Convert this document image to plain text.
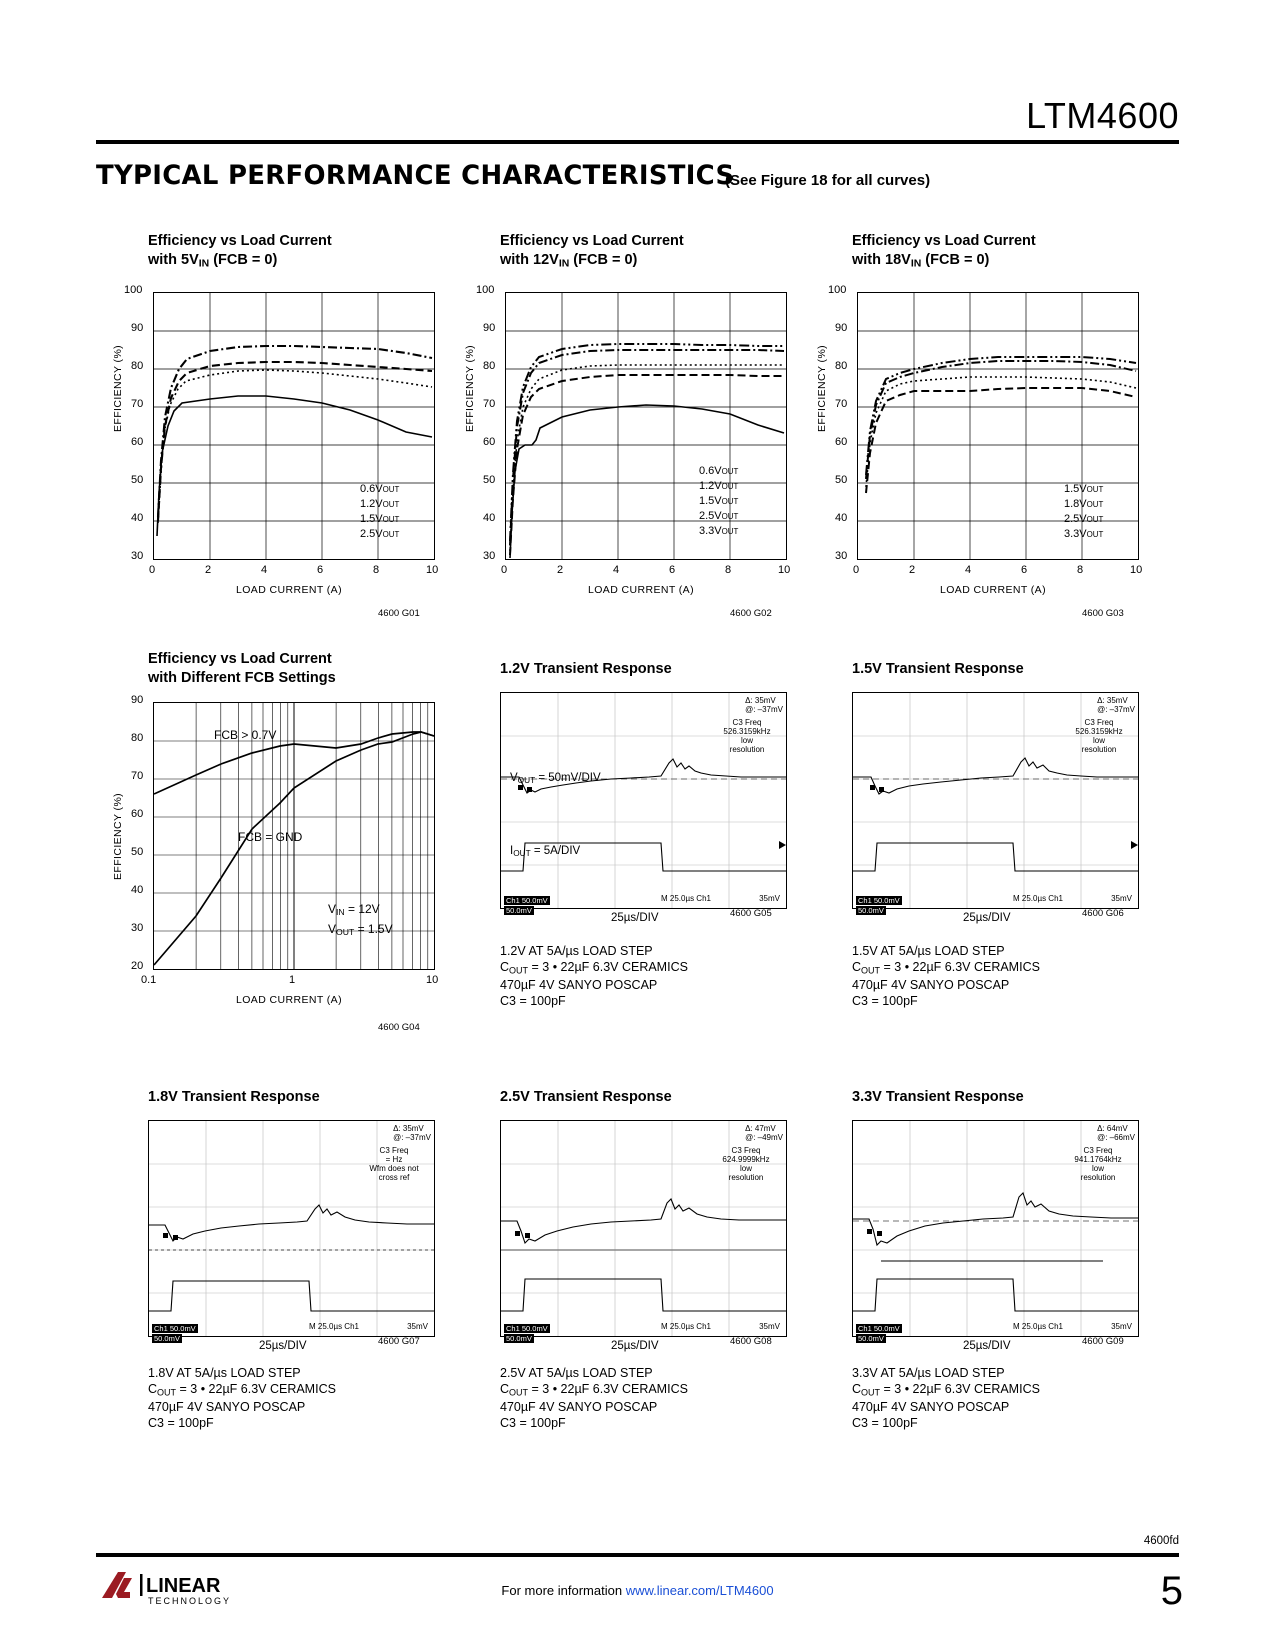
LTM4600
TYPICAL PERFORMANCE CHARACTERISTICS
(See Figure 18 for all curves)
Efficiency vs Load Current
with $5V_{IN}$ (FCB = 0)
EFFICIENCY (%)
100
90
80
70
60
50
40
30
0	2	4	6	8	10
LOAD CURRENT (A)
4600 G01
0.6V OUT
1.2V OUT
1.5V OUT
2.5V OUT
Efficiency vs Load Current
with $12V_{IN}$ (FCB = 0)
EFFICIENCY (%)
100
90
80
70
60
50
40
30
0	2	4	6	8	10
LOAD CURRENT (A)
4600 G02
0.6V OUT
1.2V OUT
1.5V OUT
2.5V OUT
3.3V OUT
Efficiency vs Load Current
with $18V_{IN}$ (FCB = 0)
EFFICIENCY (%)
100
90
80
70
60
50
40
30
0	2	4	6	8	10
LOAD CURRENT (A)
4600 G03
1.5V OUT
1.8V OUT
2.5V OUT
3.3V OUT
Efficiency vs Load Current
with Different FCB Settings
EFFICIENCY (%)
90
80
70
60
50
40
30
20
0.1	1	10
LOAD CURRENT (A)
4600 G04
FCB > 0.7V
FCB = GND
$V_{IN} = 12V$
$V_{OUT} = 1.5V$
1.2V Transient Response
Δ: 35mV
@: –37mV
C3 Freq
526.3159kHz
low
resolution
Ch1 50.0mV
50.0mV
M 25.0µs Ch1	35mV
$V_{OUT} = 50mV/DIV$
$I_{OUT} = 5A/DIV$
25µs/DIV	4600 G05
1.2V AT 5A/µs LOAD STEP
$C_{OUT} = 3$ • 22µF 6.3V CERAMICS
470µF 4V SANYO POSCAP
C3 = 100pF
1.5V Transient Response
Δ: 35mV
@: –37mV
C3 Freq
526.3159kHz
low
resolution
Ch1 50.0mV
50.0mV
M 25.0µs Ch1	35mV
25µs/DIV	4600 G06
1.5V AT 5A/µs LOAD STEP
$C_{OUT} = 3$ • 22µF 6.3V CERAMICS
470µF 4V SANYO POSCAP
C3 = 100pF
1.8V Transient Response
Δ: 35mV
@: –37mV
C3 Freq
= Hz
Wfm does not
cross ref
Ch1 50.0mV
50.0mV
M 25.0µs Ch1	35mV
25µs/DIV	4600 G07
1.8V AT 5A/µs LOAD STEP
$C_{OUT} = 3$ • 22µF 6.3V CERAMICS
470µF 4V SANYO POSCAP
C3 = 100pF
2.5V Transient Response
Δ: 47mV
@: –49mV
C3 Freq
624.9999kHz
low
resolution
Ch1 50.0mV
50.0mV
M 25.0µs Ch1	35mV
25µs/DIV	4600 G08
2.5V AT 5A/µs LOAD STEP
$C_{OUT} = 3$ • 22µF 6.3V CERAMICS
470µF 4V SANYO POSCAP
C3 = 100pF
3.3V Transient Response
Δ: 64mV
@: –66mV
C3 Freq
941.1764kHz
low
resolution
Ch1 50.0mV
50.0mV
M 25.0µs Ch1	35mV
25µs/DIV	4600 G09
3.3V AT 5A/µs LOAD STEP
$C_{OUT} = 3$ • 22µF 6.3V CERAMICS
470µF 4V SANYO POSCAP
C3 = 100pF
4600fd
LINEAR
TECHNOLOGY
For more information www.linear.com/LTM4600	5
